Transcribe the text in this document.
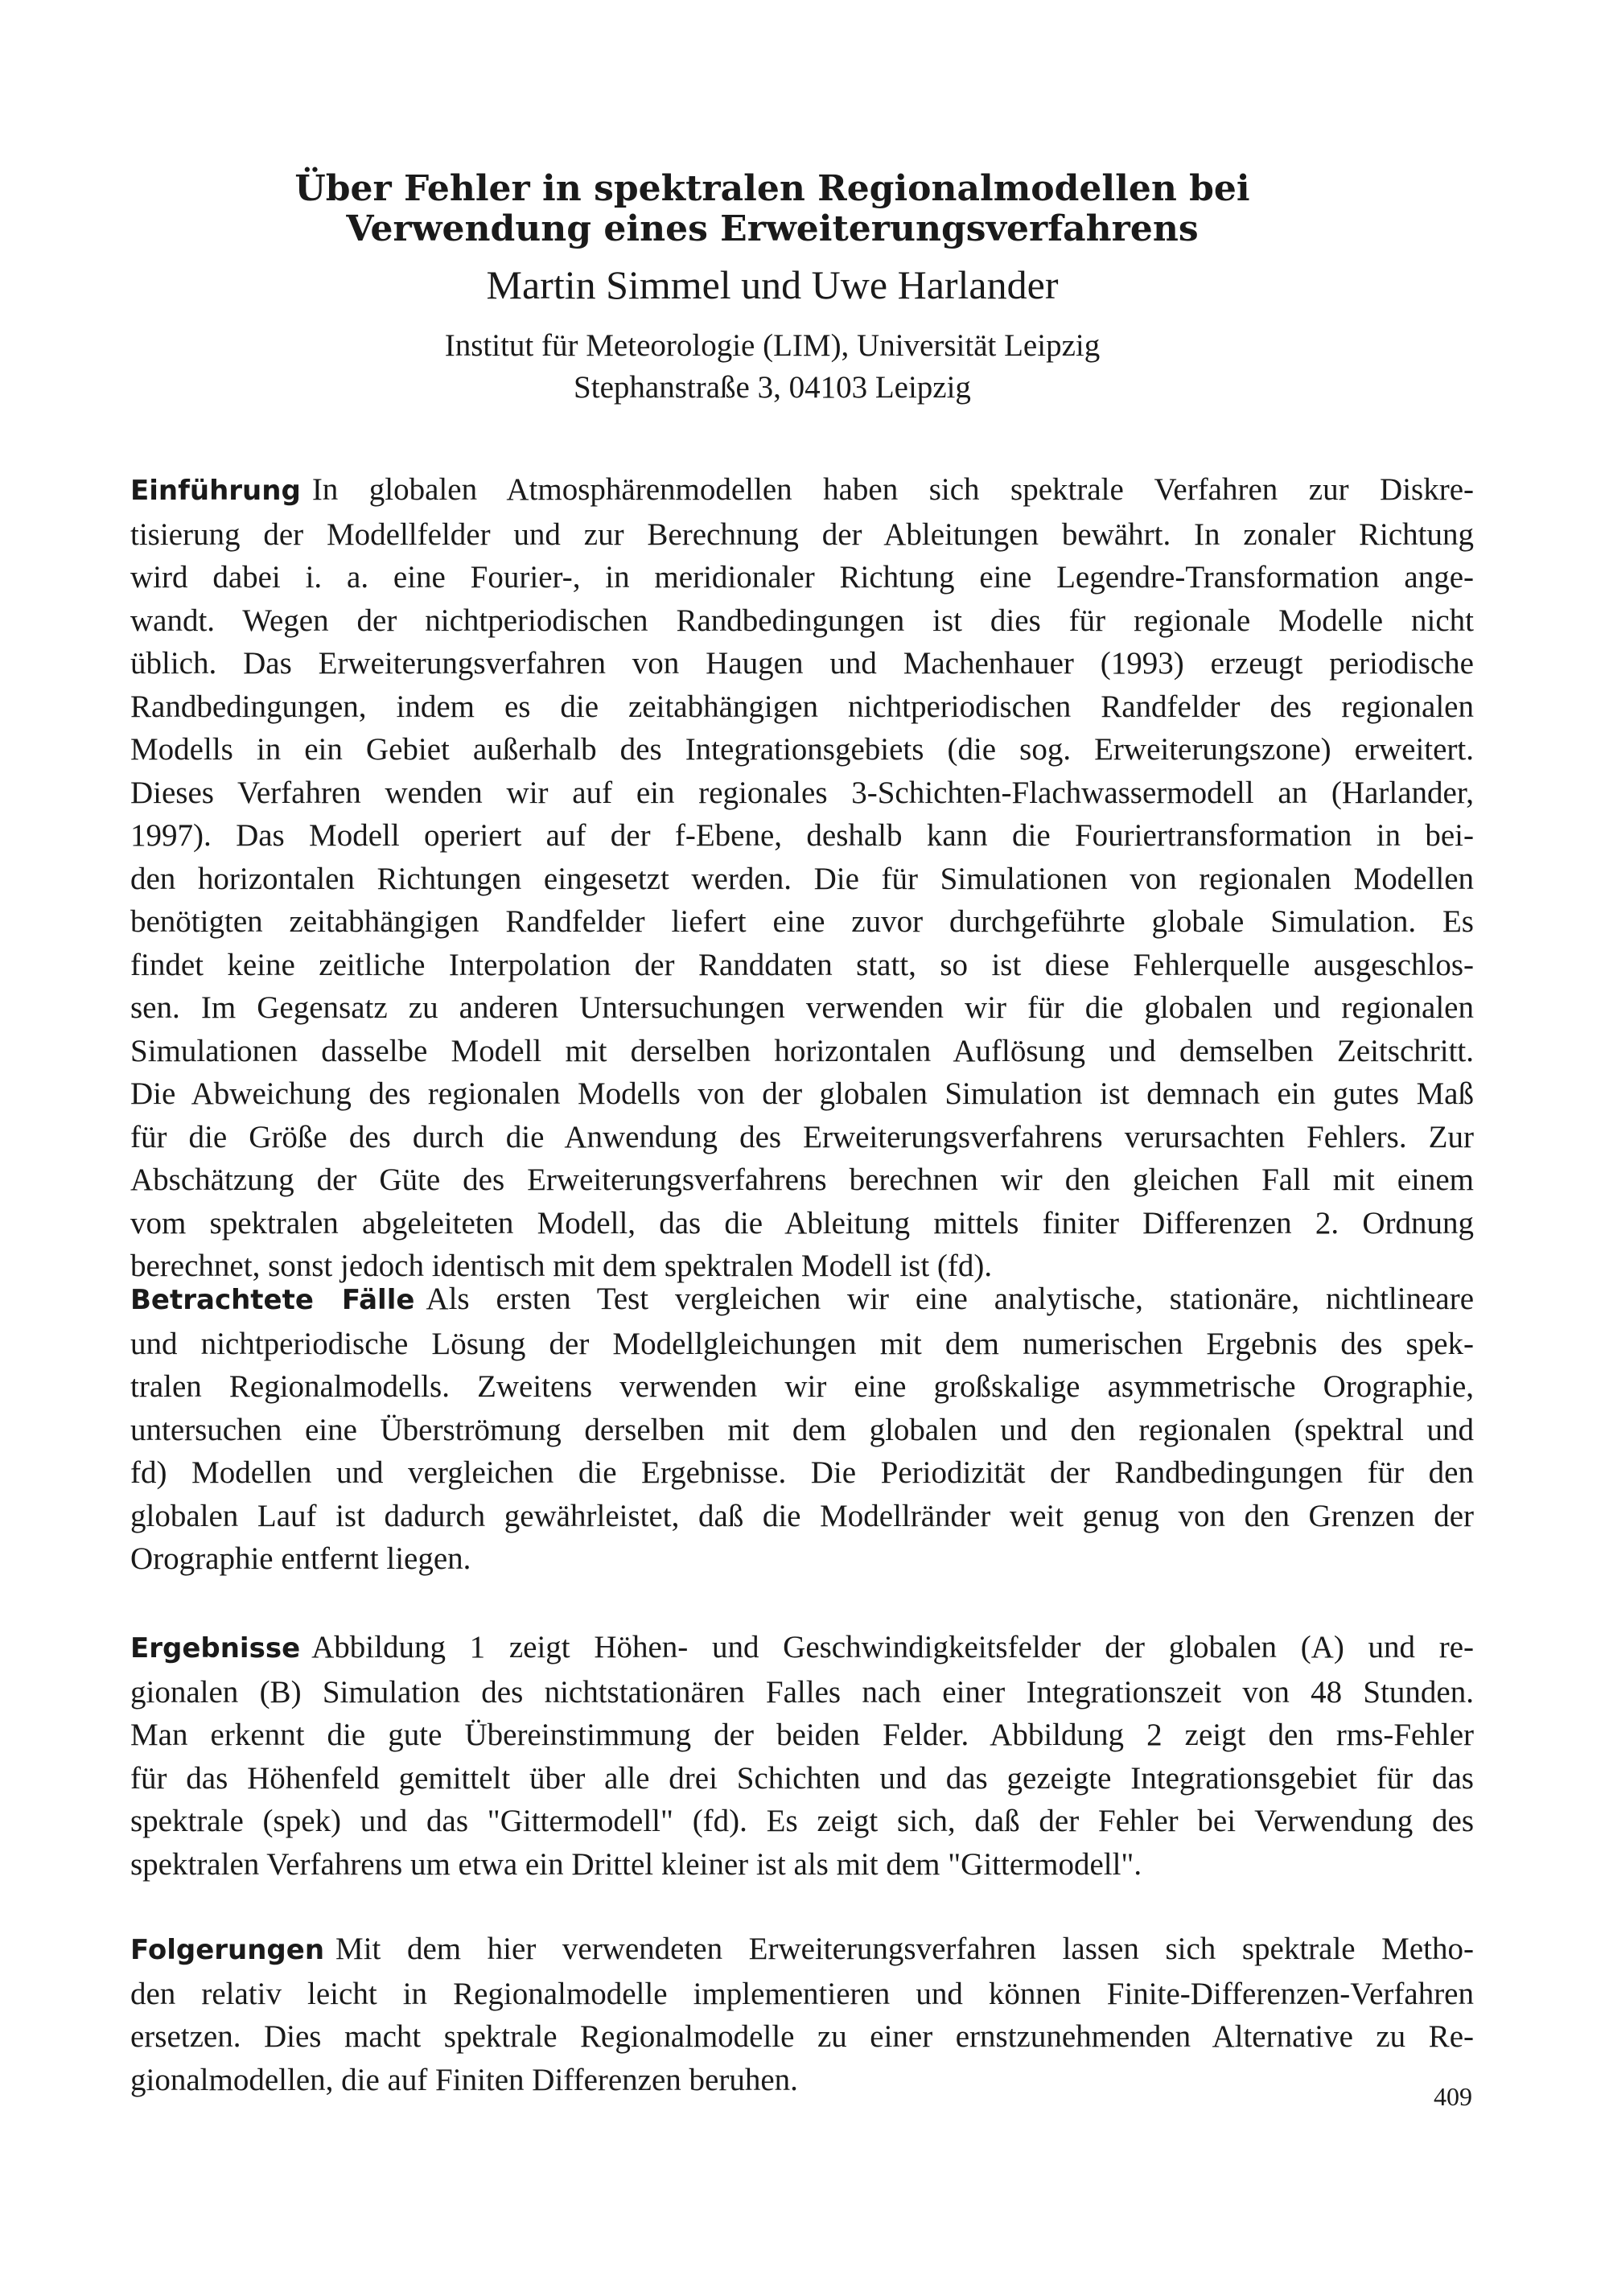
Über Fehler in spektralen Regionalmodellen bei
Verwendung eines Erweiterungsverfahrens
Martin Simmel und Uwe Harlander
Institut für Meteorologie (LIM), Universität Leipzig
Stephanstraße 3, 04103 Leipzig
Einführung In globalen Atmosphärenmodellen haben sich spektrale Verfahren zur Diskre-
tisierung der Modellfelder und zur Berechnung der Ableitungen bewährt. In zonaler Richtung
wird dabei i. a. eine Fourier-, in meridionaler Richtung eine Legendre-Transformation ange-
wandt. Wegen der nichtperiodischen Randbedingungen ist dies für regionale Modelle nicht
üblich. Das Erweiterungsverfahren von Haugen und Machenhauer (1993) erzeugt periodische
Randbedingungen, indem es die zeitabhängigen nichtperiodischen Randfelder des regionalen
Modells in ein Gebiet außerhalb des Integrationsgebiets (die sog. Erweiterungszone) erweitert.
Dieses Verfahren wenden wir auf ein regionales 3-Schichten-Flachwassermodell an (Harlander,
1997). Das Modell operiert auf der f-Ebene, deshalb kann die Fouriertransformation in bei-
den horizontalen Richtungen eingesetzt werden. Die für Simulationen von regionalen Modellen
benötigten zeitabhängigen Randfelder liefert eine zuvor durchgeführte globale Simulation. Es
findet keine zeitliche Interpolation der Randdaten statt, so ist diese Fehlerquelle ausgeschlos-
sen. Im Gegensatz zu anderen Untersuchungen verwenden wir für die globalen und regionalen
Simulationen dasselbe Modell mit derselben horizontalen Auflösung und demselben Zeitschritt.
Die Abweichung des regionalen Modells von der globalen Simulation ist demnach ein gutes Maß
für die Größe des durch die Anwendung des Erweiterungsverfahrens verursachten Fehlers. Zur
Abschätzung der Güte des Erweiterungsverfahrens berechnen wir den gleichen Fall mit einem
vom spektralen abgeleiteten Modell, das die Ableitung mittels finiter Differenzen 2. Ordnung
berechnet, sonst jedoch identisch mit dem spektralen Modell ist (fd).
Betrachtete Fälle Als ersten Test vergleichen wir eine analytische, stationäre, nichtlineare
und nichtperiodische Lösung der Modellgleichungen mit dem numerischen Ergebnis des spek-
tralen Regionalmodells. Zweitens verwenden wir eine großskalige asymmetrische Orographie,
untersuchen eine Überströmung derselben mit dem globalen und den regionalen (spektral und
fd) Modellen und vergleichen die Ergebnisse. Die Periodizität der Randbedingungen für den
globalen Lauf ist dadurch gewährleistet, daß die Modellränder weit genug von den Grenzen der
Orographie entfernt liegen.
Ergebnisse Abbildung 1 zeigt Höhen- und Geschwindigkeitsfelder der globalen (A) und re-
gionalen (B) Simulation des nichtstationären Falles nach einer Integrationszeit von 48 Stunden.
Man erkennt die gute Übereinstimmung der beiden Felder. Abbildung 2 zeigt den rms-Fehler
für das Höhenfeld gemittelt über alle drei Schichten und das gezeigte Integrationsgebiet für das
spektrale (spek) und das "Gittermodell" (fd). Es zeigt sich, daß der Fehler bei Verwendung des
spektralen Verfahrens um etwa ein Drittel kleiner ist als mit dem "Gittermodell".
Folgerungen Mit dem hier verwendeten Erweiterungsverfahren lassen sich spektrale Metho-
den relativ leicht in Regionalmodelle implementieren und können Finite-Differenzen-Verfahren
ersetzen. Dies macht spektrale Regionalmodelle zu einer ernstzunehmenden Alternative zu Re-
gionalmodellen, die auf Finiten Differenzen beruhen.	409
